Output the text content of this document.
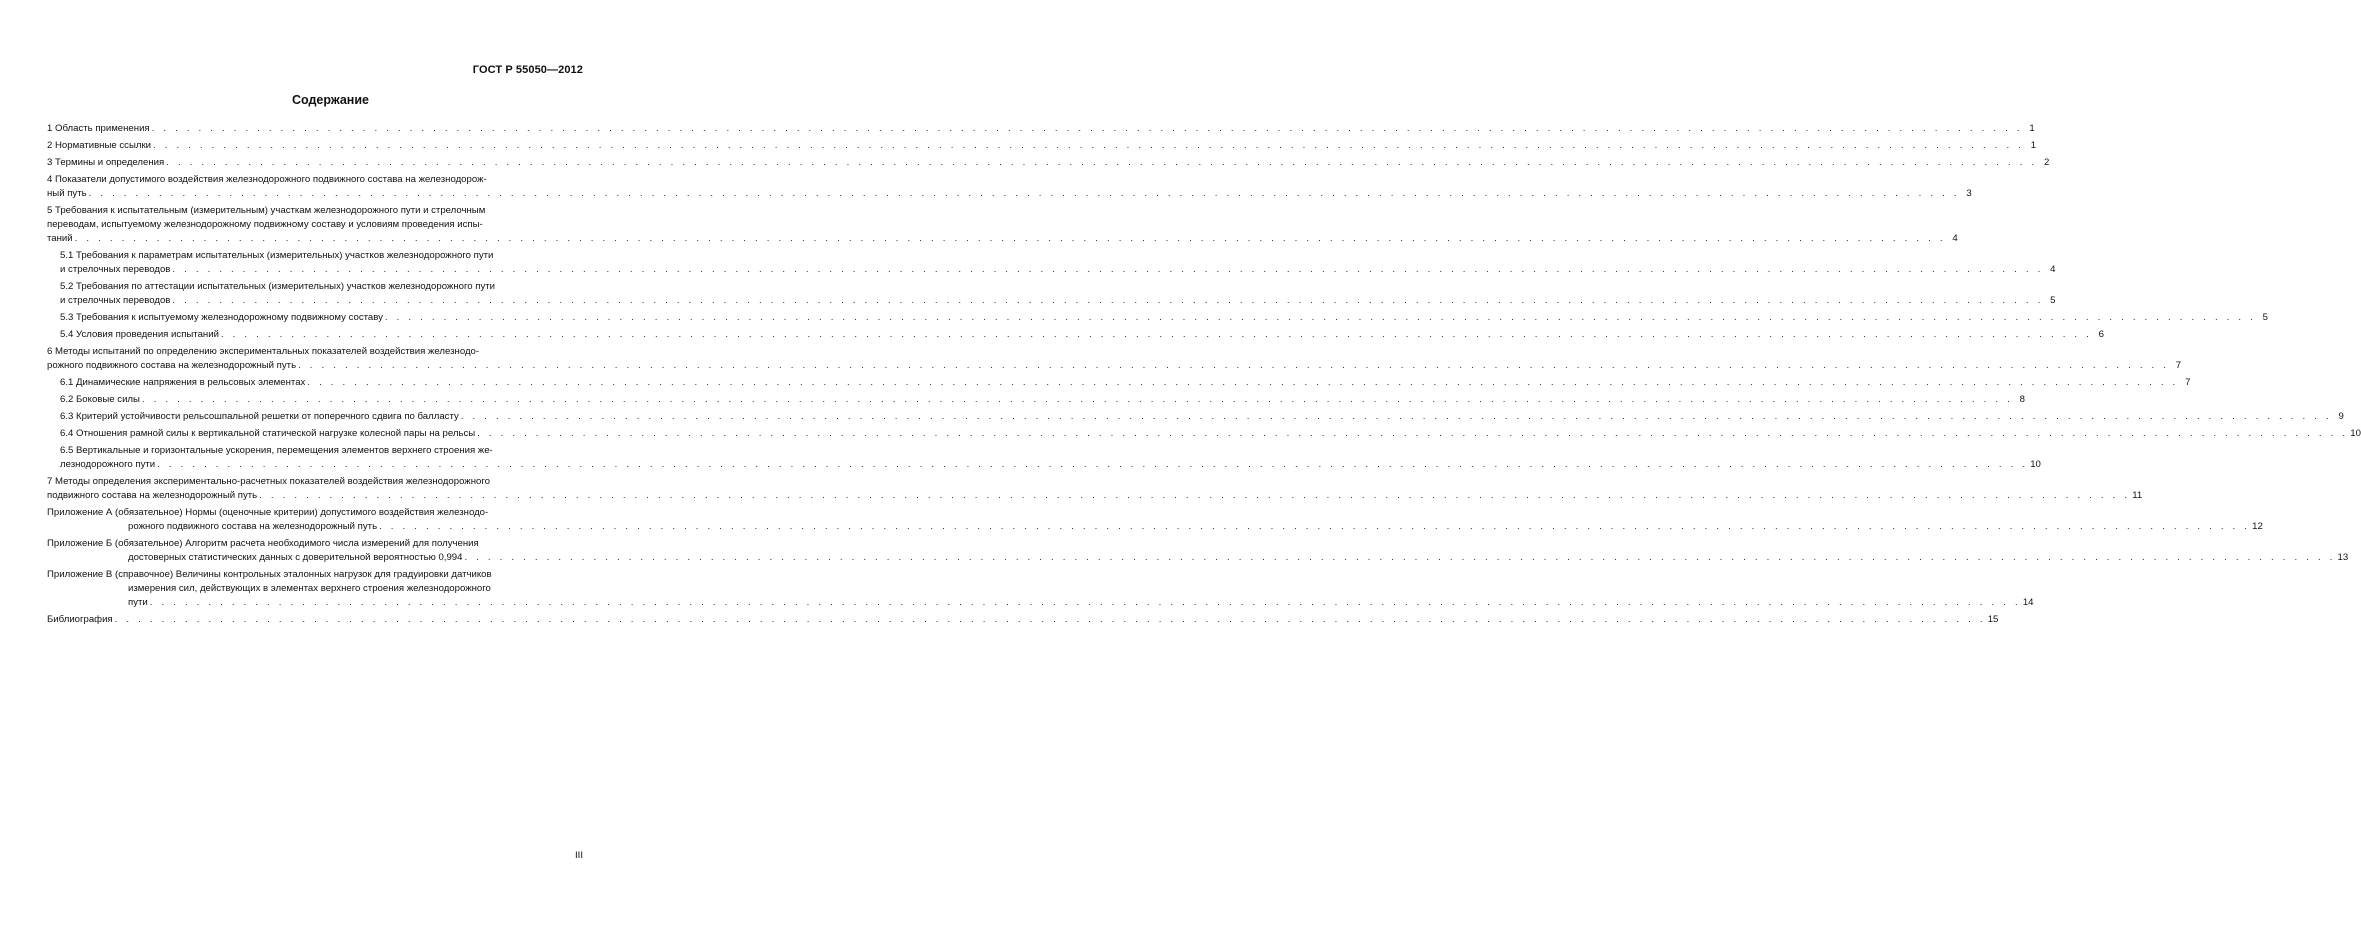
ГОСТ Р 55050—2012
Содержание
1 Область применения . . . . . . . . . . . . . . . . . . . . . . . . . . . . . . . . . . . . . . . . . . . . . . . . . . . . . . . . . . . . . . . . . . . . . . . . . . . . . . . . . . . . . . . . . . . . . . . . . . . . . . . . . . . . . . . . . . . . . . . . . . . . . . . . . . . . . . . . . . . . . . . . . . . . . . . . . . . . . . . . 1
2 Нормативные ссылки . . . . . . . . . . . . . . . . . . . . . . . . . . . . . . . . . . . . . . . . . . . . . . . . . . . . . . . . . . . . . . . . . . . . . . . . . . . . . . . . . . . . . . . . . . . . . . . . . . . . . . . . . . . . . . . . . . . . . . . . . . . . . . . . . . . . . . . . . . . . . . . . . . . . . . . . . . . . . . . . 1
3 Термины и определения . . . . . . . . . . . . . . . . . . . . . . . . . . . . . . . . . . . . . . . . . . . . . . . . . . . . . . . . . . . . . . . . . . . . . . . . . . . . . . . . . . . . . . . . . . . . . . . . . . . . . . . . . . . . . . . . . . . . . . . . . . . . . . . . . . . . . . . . . . . . . . . . . . . . . . . . . . . . . . . . 2
4 Показатели допустимого воздействия железнодорожного подвижного состава на железнодорож-
ный путь . . . . . . . . . . . . . . . . . . . . . . . . . . . . . . . . . . . . . . . . . . . . . . . . . . . . . . . . . . . . . . . . . . . . . . . . . . . . . . . . . . . . . . . . . . . . . . . . . . . . . . . . . . . . . . . . . . . . . . . . . . . . . . . . . . . . . . . . . . . . . . . . . . . . . . . . . . . . . . . . 3
5 Требования к испытательным (измерительным) участкам железнодорожного пути и стрелочным
переводам, испытуемому железнодорожному подвижному составу и условиям проведения испы-
таний . . . . . . . . . . . . . . . . . . . . . . . . . . . . . . . . . . . . . . . . . . . . . . . . . . . . . . . . . . . . . . . . . . . . . . . . . . . . . . . . . . . . . . . . . . . . . . . . . . . . . . . . . . . . . . . . . . . . . . . . . . . . . . . . . . . . . . . . . . . . . . . . . . . . . . . . . . . . . . . . 4
5.1 Требования к параметрам испытательных (измерительных) участков железнодорожного пути
и стрелочных переводов . . . . . . . . . . . . . . . . . . . . . . . . . . . . . . . . . . . . . . . . . . . . . . . . . . . . . . . . . . . . . . . . . . . . . . . . . . . . . . . . . . . . . . . . . . . . . . . . . . . . . . . . . . . . . . . . . . . . . . . . . . . . . . . . . . . . . . . . . . . . . . . . . . . . . . . . . . . . . . . . 4
5.2 Требования по аттестации испытательных (измерительных) участков железнодорожного пути
и стрелочных переводов . . . . . . . . . . . . . . . . . . . . . . . . . . . . . . . . . . . . . . . . . . . . . . . . . . . . . . . . . . . . . . . . . . . . . . . . . . . . . . . . . . . . . . . . . . . . . . . . . . . . . . . . . . . . . . . . . . . . . . . . . . . . . . . . . . . . . . . . . . . . . . . . . . . . . . . . . . . . . . . . 5
5.3 Требования к испытуемому железнодорожному подвижному составу . . . . . . . . . . . . . . . . . . . . . . . . . . . . . . . . . . . . . . . . . . . . . . . . . . . . . . . . . . . . . . . . . . . . . . . . . . . . . . . . . . . . . . . . . . . . . . . . . . . . . . . . . . . . . . . . . . . . . . . . . . . . . . . . . . . . . . . . . . . . . . . . . . . . . . . . . . . . . . . . 5
5.4 Условия проведения испытаний . . . . . . . . . . . . . . . . . . . . . . . . . . . . . . . . . . . . . . . . . . . . . . . . . . . . . . . . . . . . . . . . . . . . . . . . . . . . . . . . . . . . . . . . . . . . . . . . . . . . . . . . . . . . . . . . . . . . . . . . . . . . . . . . . . . . . . . . . . . . . . . . . . . . . . . . . . . . . . . . 6
6 Методы испытаний по определению экспериментальных показателей воздействия железнодо-
рожного подвижного состава на железнодорожный путь . . . . . . . . . . . . . . . . . . . . . . . . . . . . . . . . . . . . . . . . . . . . . . . . . . . . . . . . . . . . . . . . . . . . . . . . . . . . . . . . . . . . . . . . . . . . . . . . . . . . . . . . . . . . . . . . . . . . . . . . . . . . . . . . . . . . . . . . . . . . . . . . . . . . . . . . . . . . . . . . 7
6.1 Динамические напряжения в рельсовых элементах . . . . . . . . . . . . . . . . . . . . . . . . . . . . . . . . . . . . . . . . . . . . . . . . . . . . . . . . . . . . . . . . . . . . . . . . . . . . . . . . . . . . . . . . . . . . . . . . . . . . . . . . . . . . . . . . . . . . . . . . . . . . . . . . . . . . . . . . . . . . . . . . . . . . . . . . . . . . . . . . 7
6.2 Боковые силы . . . . . . . . . . . . . . . . . . . . . . . . . . . . . . . . . . . . . . . . . . . . . . . . . . . . . . . . . . . . . . . . . . . . . . . . . . . . . . . . . . . . . . . . . . . . . . . . . . . . . . . . . . . . . . . . . . . . . . . . . . . . . . . . . . . . . . . . . . . . . . . . . . . . . . . . . . . . . . . . 8
6.3 Критерий устойчивости рельсошпальной решетки от поперечного сдвига по балласту . . . . . . . . . . . . . . . . . . . . . . . . . . . . . . . . . . . . . . . . . . . . . . . . . . . . . . . . . . . . . . . . . . . . . . . . . . . . . . . . . . . . . . . . . . . . . . . . . . . . . . . . . . . . . . . . . . . . . . . . . . . . . . . . . . . . . . . . . . . . . . . . . . . . . . . . . . . . . . . . 9
6.4 Отношения рамной силы к вертикальной статической нагрузке колесной пары на рельсы . . . . . . . . . . . . . . . . . . . . . . . . . . . . . . . . . . . . . . . . . . . . . . . . . . . . . . . . . . . . . . . . . . . . . . . . . . . . . . . . . . . . . . . . . . . . . . . . . . . . . . . . . . . . . . . . . . . . . . . . . . . . . . . . . . . . . . . . . . . . . . . . . . . . . . . . . . . . . . . . 10
6.5 Вертикальные и горизонтальные ускорения, перемещения элементов верхнего строения же-
лезнодорожного пути . . . . . . . . . . . . . . . . . . . . . . . . . . . . . . . . . . . . . . . . . . . . . . . . . . . . . . . . . . . . . . . . . . . . . . . . . . . . . . . . . . . . . . . . . . . . . . . . . . . . . . . . . . . . . . . . . . . . . . . . . . . . . . . . . . . . . . . . . . . . . . . . . . . . . . . . . . . . . . . . 10
7 Методы определения экспериментально-расчетных показателей воздействия железнодорожного
подвижного состава на железнодорожный путь . . . . . . . . . . . . . . . . . . . . . . . . . . . . . . . . . . . . . . . . . . . . . . . . . . . . . . . . . . . . . . . . . . . . . . . . . . . . . . . . . . . . . . . . . . . . . . . . . . . . . . . . . . . . . . . . . . . . . . . . . . . . . . . . . . . . . . . . . . . . . . . . . . . . . . . . . . . . . . . . 11
Приложение А (обязательное) Нормы (оценочные критерии) допустимого воздействия железнодо-
рожного подвижного состава на железнодорожный путь . . . . . . . . . . . . . . . . . . . . . . . . . . . . . . . . . . . . . . . . . . . . . . . . . . . . . . . . . . . . . . . . . . . . . . . . . . . . . . . . . . . . . . . . . . . . . . . . . . . . . . . . . . . . . . . . . . . . . . . . . . . . . . . . . . . . . . . . . . . . . . . . . . . . . . . . . . . . . . . . 12
Приложение Б (обязательное) Алгоритм расчета необходимого числа измерений для получения
достоверных статистических данных с доверительной вероятностью 0,994 . . . . . . . . . . . . . . . . . . . . . . . . . . . . . . . . . . . . . . . . . . . . . . . . . . . . . . . . . . . . . . . . . . . . . . . . . . . . . . . . . . . . . . . . . . . . . . . . . . . . . . . . . . . . . . . . . . . . . . . . . . . . . . . . . . . . . . . . . . . . . . . . . . . . . . . . . . . . . . . . 13
Приложение В (справочное) Величины контрольных эталонных нагрузок для градуировки датчиков
измерения сил, действующих в элементах верхнего строения железнодорожного
пути . . . . . . . . . . . . . . . . . . . . . . . . . . . . . . . . . . . . . . . . . . . . . . . . . . . . . . . . . . . . . . . . . . . . . . . . . . . . . . . . . . . . . . . . . . . . . . . . . . . . . . . . . . . . . . . . . . . . . . . . . . . . . . . . . . . . . . . . . . . . . . . . . . . . . . . . . . . . . . . . 14
Библиография . . . . . . . . . . . . . . . . . . . . . . . . . . . . . . . . . . . . . . . . . . . . . . . . . . . . . . . . . . . . . . . . . . . . . . . . . . . . . . . . . . . . . . . . . . . . . . . . . . . . . . . . . . . . . . . . . . . . . . . . . . . . . . . . . . . . . . . . . . . . . . . . . . . . . . . . . . . . . . . . 15
III
